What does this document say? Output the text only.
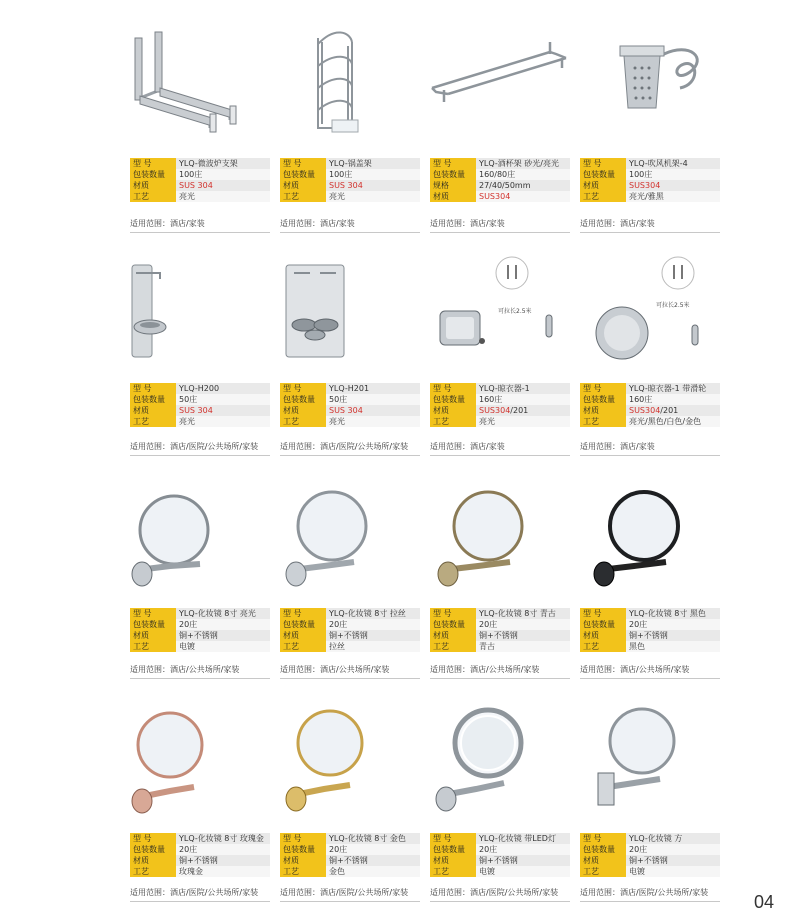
型 号	YLQ-微波炉支架
包装数量	100庄
材质	SUS 304
工艺	亮光
适用范围：酒店/家装
型 号	YLQ-锅盖架
包装数量	100庄
材质	SUS 304
工艺	亮光
适用范围：酒店/家装
型 号	YLQ-酒杯架 砂光/亮光
包装数量	160/80庄
规格	27/40/50mm
材质	SUS304
适用范围：酒店/家装
型 号	YLQ-吹风机架-4
包装数量	100庄
材质	SUS304
工艺	亮光/雅黑
适用范围：酒店/家装
型 号	YLQ-H200
包装数量	50庄
材质	SUS 304
工艺	亮光
适用范围：酒店/医院/公共场所/家装
型 号	YLQ-H201
包装数量	50庄
材质	SUS 304
工艺	亮光
适用范围：酒店/医院/公共场所/家装
可拉长2.5米
型 号	YLQ-晾衣器-1
包装数量	160庄
材质	SUS304/201
工艺	亮光
适用范围：酒店/家装
可拉长2.5米
型 号	YLQ-晾衣器-1 带滑轮
包装数量	160庄
材质	SUS304/201
工艺	亮光/黑色/白色/金色
适用范围：酒店/家装
型 号	YLQ-化妆镜 8寸 亮光
包装数量	20庄
材质	铜+不锈钢
工艺	电镀
适用范围：酒店/公共场所/家装
型 号	YLQ-化妆镜 8寸 拉丝
包装数量	20庄
材质	铜+不锈钢
工艺	拉丝
适用范围：酒店/公共场所/家装
型 号	YLQ-化妆镜 8寸 青古
包装数量	20庄
材质	铜+不锈钢
工艺	青古
适用范围：酒店/公共场所/家装
型 号	YLQ-化妆镜 8寸 黑色
包装数量	20庄
材质	铜+不锈钢
工艺	黑色
适用范围：酒店/公共场所/家装
型 号	YLQ-化妆镜 8寸 玫瑰金
包装数量	20庄
材质	铜+不锈钢
工艺	玫瑰金
适用范围：酒店/医院/公共场所/家装
型 号	YLQ-化妆镜 8寸 金色
包装数量	20庄
材质	铜+不锈钢
工艺	金色
适用范围：酒店/医院/公共场所/家装
型 号	YLQ-化妆镜 带LED灯
包装数量	20庄
材质	铜+不锈钢
工艺	电镀
适用范围：酒店/医院/公共场所/家装
型 号	YLQ-化妆镜 方
包装数量	20庄
材质	铜+不锈钢
工艺	电镀
适用范围：酒店/医院/公共场所/家装	04
